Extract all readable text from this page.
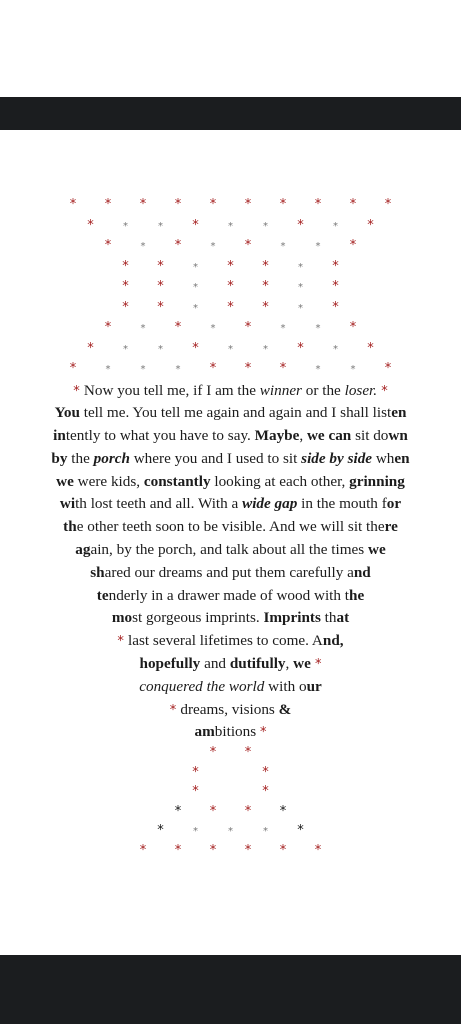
* * * * * * * * * *
*	*	* *	*	* *	* *
*	* *	* *	*	* *
* *	* * *	* *
* *	* * *	* *
* *	* * *	* *
*	* *	* *	*	* *
*	*	* *	*	* *	* *
*	*	*	* * * *	*	* *
* Now you tell me, if I am the winner or the loser. *
You tell me. You tell me again and again and I shall listen
intently to what you have to say. Maybe, we can sit down
by the porch where you and I used to sit side by side when
we were kids, constantly looking at each other, grinning
with lost teeth and all. With a wide gap in the mouth for
the other teeth soon to be visible. And we will sit there
again, by the porch, and talk about all the times we
shared our dreams and put them carefully and
tenderly in a drawer made of wood with the
most gorgeous imprints. Imprints that
* last several lifetimes to come. And,
hopefully and dutifully, we *
conquered the world with our
* dreams, visions &
ambitions *
* *
*	*
*	*
* * * *
*	*	*	* *
* * * * * *
